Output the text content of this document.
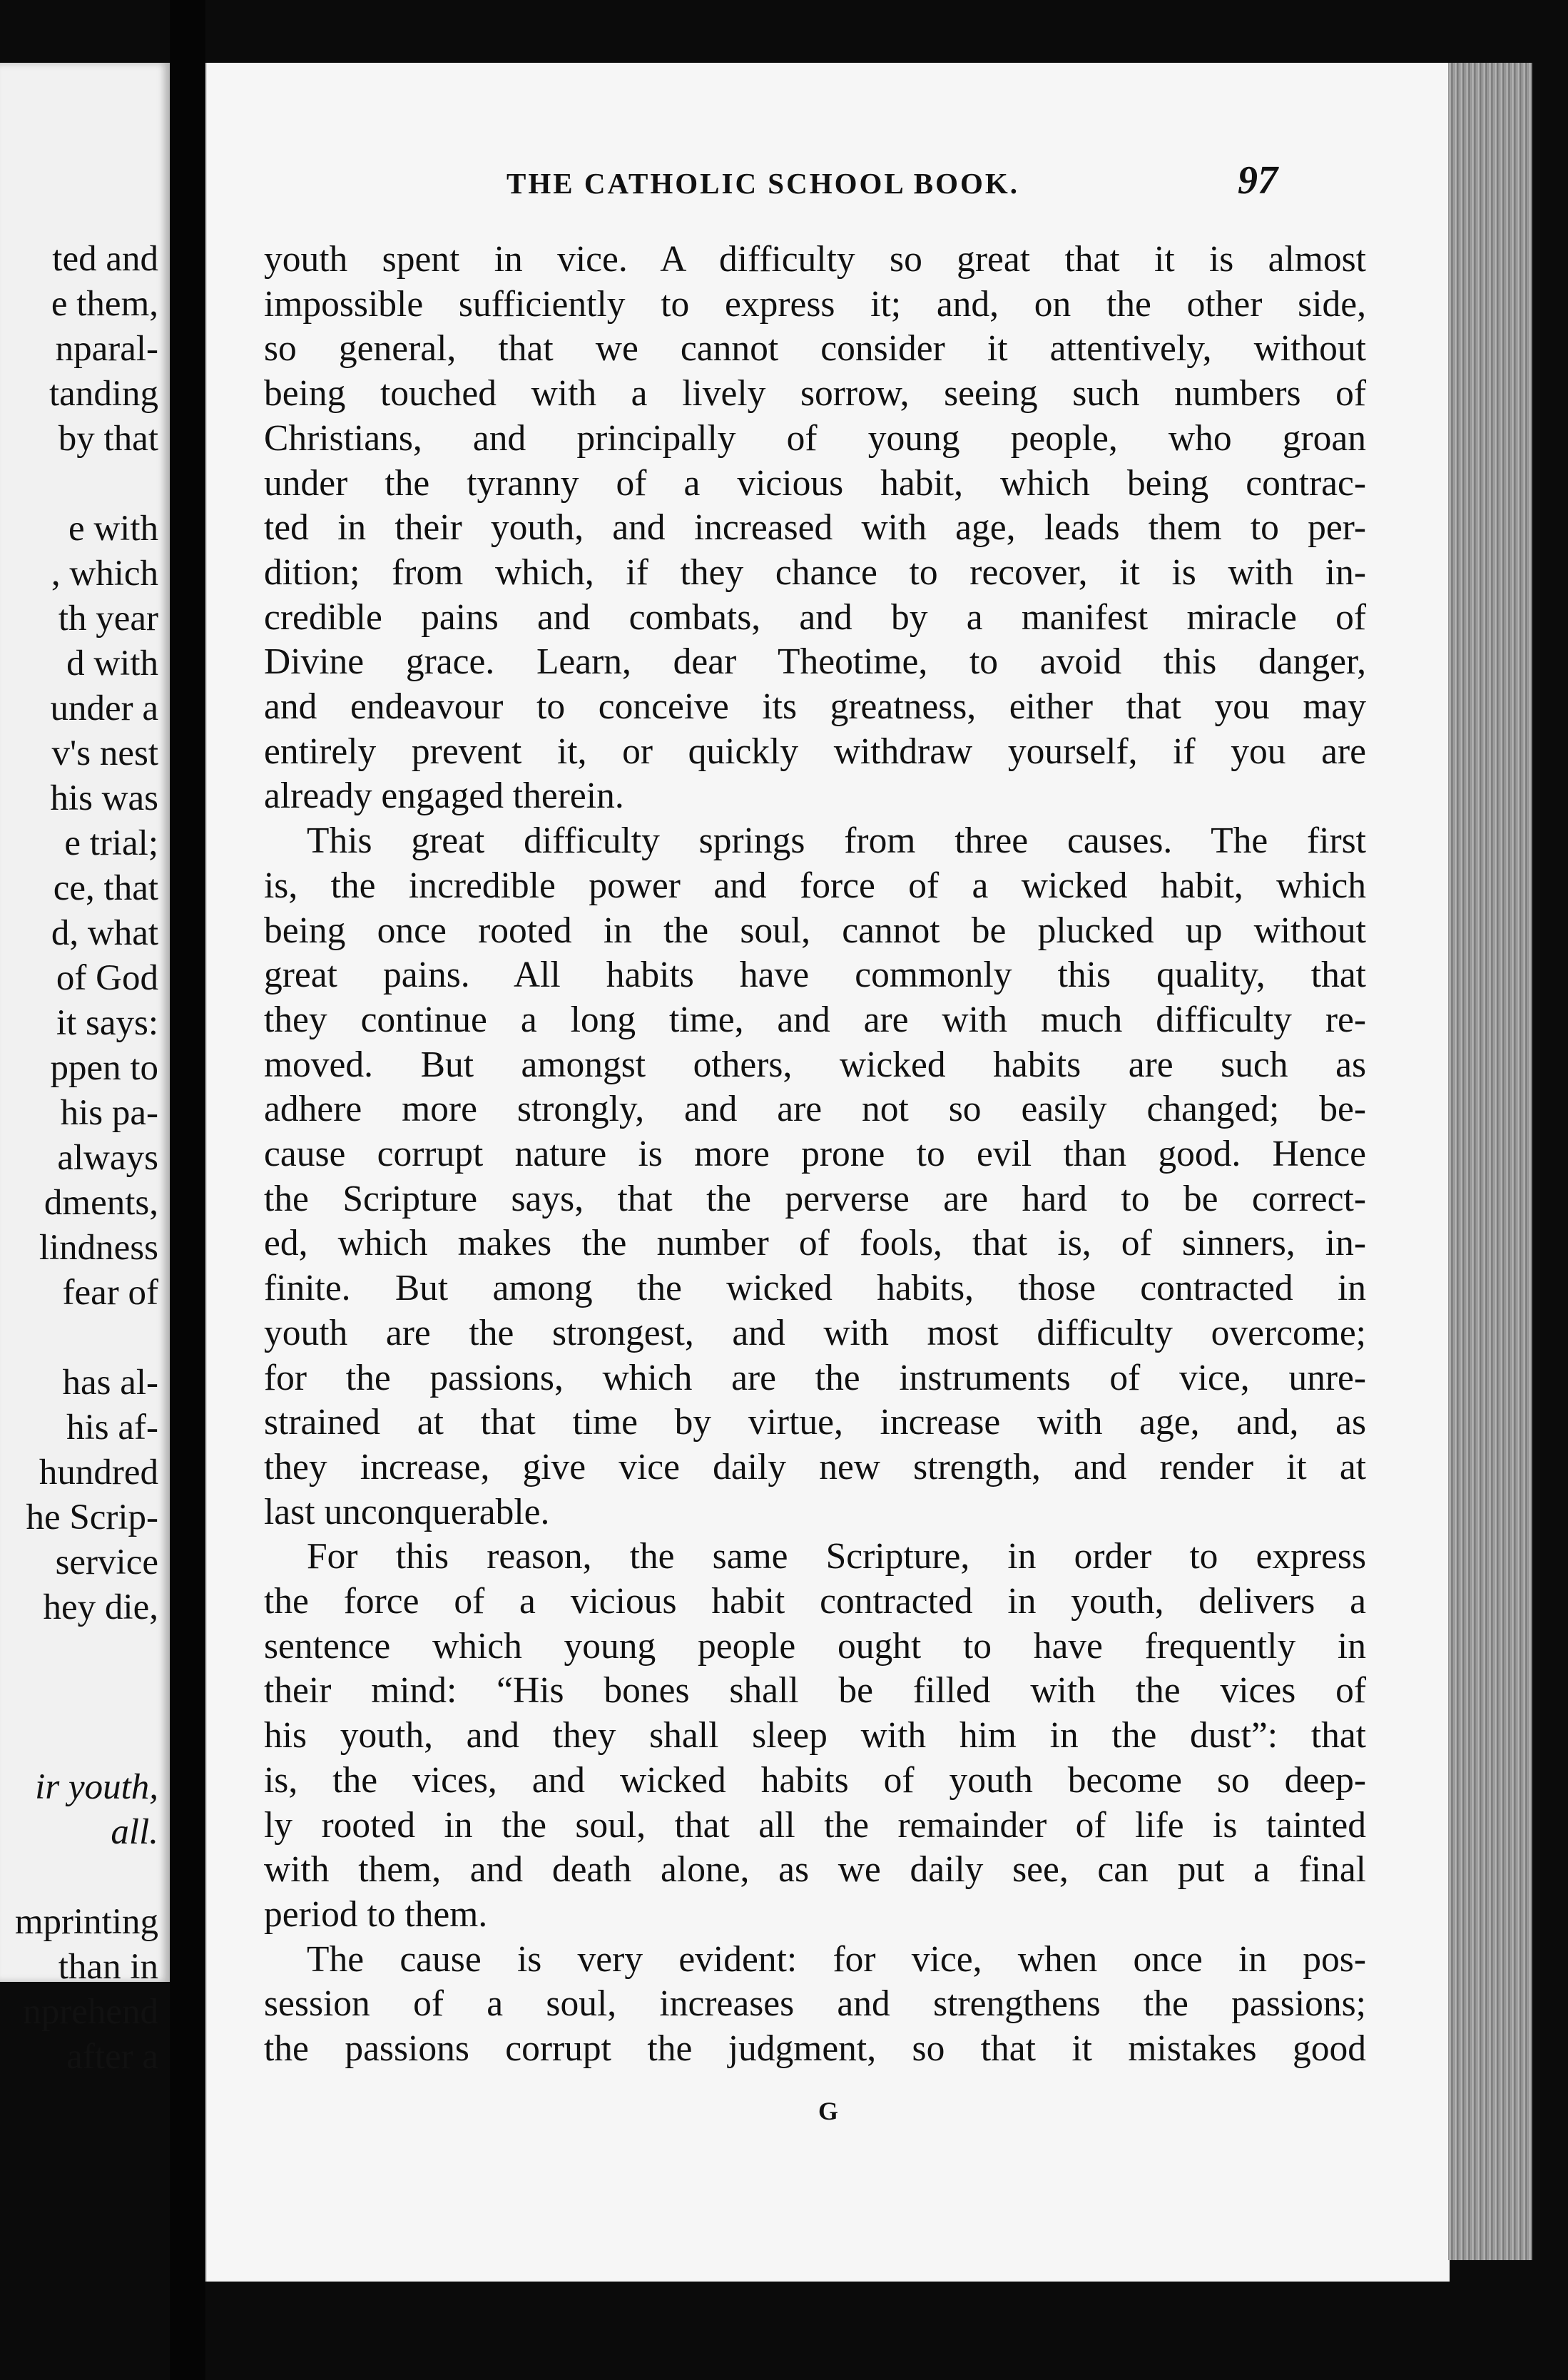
ted and
e them,
nparal-
tanding
by that
e with
, which
th year
d with
under a
v's nest
his was
e trial;
ce, that
d, what
of God
it says:
ppen to
his pa-
always
dments,
lindness
fear of
has al-
his af-
hundred
he Scrip-
service
hey die,
ir youth,
all.
mprinting
than in
nprehend
after a
THE CATHOLIC SCHOOL BOOK.	97
youth spent in vice. A difficulty so great that it is almost
impossible sufficiently to express it; and, on the other side,
so general, that we cannot consider it attentively, without
being touched with a lively sorrow, seeing such numbers of
Christians, and principally of young people, who groan
under the tyranny of a vicious habit, which being contrac-
ted in their youth, and increased with age, leads them to per-
dition; from which, if they chance to recover, it is with in-
credible pains and combats, and by a manifest miracle of
Divine grace. Learn, dear Theotime, to avoid this danger,
and endeavour to conceive its greatness, either that you may
entirely prevent it, or quickly withdraw yourself, if you are
already engaged therein.
This great difficulty springs from three causes. The first
is, the incredible power and force of a wicked habit, which
being once rooted in the soul, cannot be plucked up without
great pains. All habits have commonly this quality, that
they continue a long time, and are with much difficulty re-
moved. But amongst others, wicked habits are such as
adhere more strongly, and are not so easily changed; be-
cause corrupt nature is more prone to evil than good. Hence
the Scripture says, that the perverse are hard to be correct-
ed, which makes the number of fools, that is, of sinners, in-
finite. But among the wicked habits, those contracted in
youth are the strongest, and with most difficulty overcome;
for the passions, which are the instruments of vice, unre-
strained at that time by virtue, increase with age, and, as
they increase, give vice daily new strength, and render it at
last unconquerable.
For this reason, the same Scripture, in order to express
the force of a vicious habit contracted in youth, delivers a
sentence which young people ought to have frequently in
their mind: “His bones shall be filled with the vices of
his youth, and they shall sleep with him in the dust”: that
is, the vices, and wicked habits of youth become so deep-
ly rooted in the soul, that all the remainder of life is tainted
with them, and death alone, as we daily see, can put a final
period to them.
The cause is very evident: for vice, when once in pos-
session of a soul, increases and strengthens the passions;
the passions corrupt the judgment, so that it mistakes good
G
